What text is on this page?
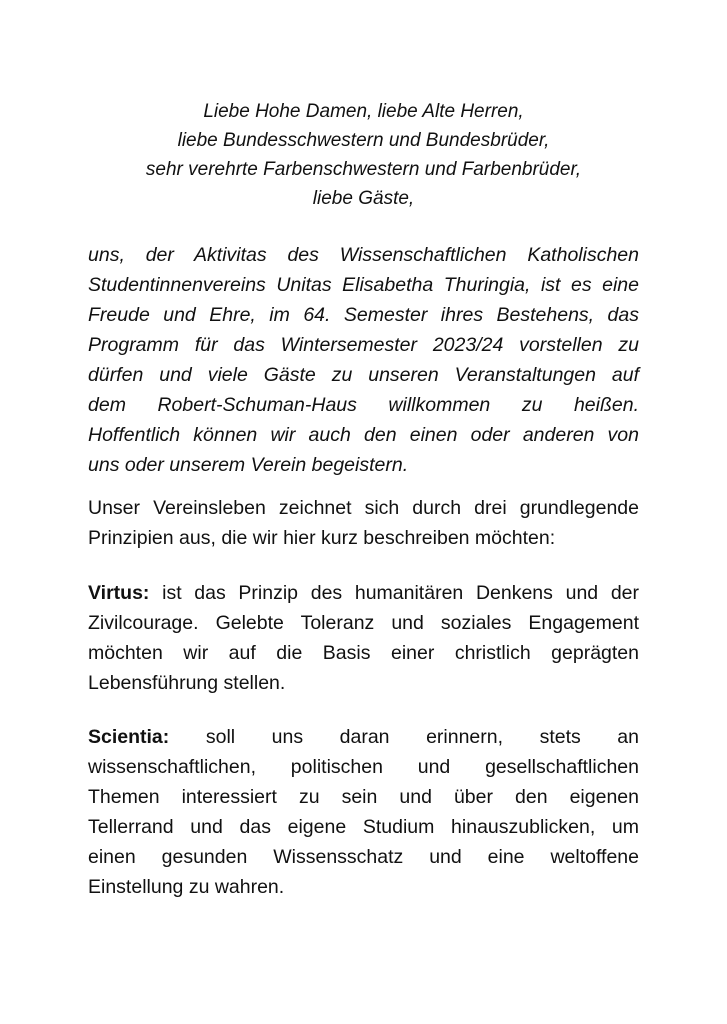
Liebe Hohe Damen, liebe Alte Herren,
liebe Bundesschwestern und Bundesbrüder,
sehr verehrte Farbenschwestern und Farbenbrüder,
liebe Gäste,
uns, der Aktivitas des Wissenschaftlichen Katholischen
Studentinnenvereins Unitas Elisabetha Thuringia, ist es eine
Freude und Ehre, im 64. Semester ihres Bestehens, das
Programm für das Wintersemester 2023/24 vorstellen zu
dürfen und viele Gäste zu unseren Veranstaltungen auf
dem Robert-Schuman-Haus willkommen zu heißen.
Hoffentlich können wir auch den einen oder anderen von
uns oder unserem Verein begeistern.
Unser Vereinsleben zeichnet sich durch drei grundlegende
Prinzipien aus, die wir hier kurz beschreiben möchten:
Virtus: ist das Prinzip des humanitären Denkens und der
Zivilcourage. Gelebte Toleranz und soziales Engagement
möchten wir auf die Basis einer christlich geprägten
Lebensführung stellen.
Scientia: soll uns daran erinnern, stets an
wissenschaftlichen, politischen und gesellschaftlichen
Themen interessiert zu sein und über den eigenen
Tellerrand und das eigene Studium hinauszublicken, um
einen gesunden Wissensschatz und eine weltoffene
Einstellung zu wahren.
